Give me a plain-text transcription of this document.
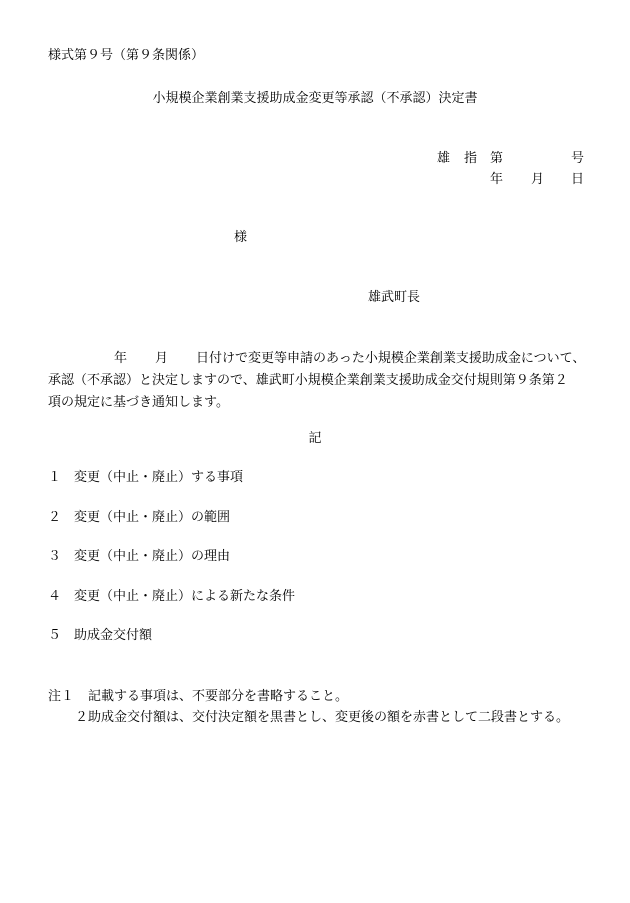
様式第９号（第９条関係）
小規模企業創業支援助成金変更等承認（不承認）決定書
雄 指 第	号
年 月 日
様
雄武町長
年 月 日付けで変更等申請のあった小規模企業創業支援助成金について、
承認（不承認）と決定しますので、雄武町小規模企業創業支援助成金交付規則第９条第２
項の規定に基づき通知します。
記
１ 変更（中止・廃止）する事項
２ 変更（中止・廃止）の範囲
３ 変更（中止・廃止）の理由
４ 変更（中止・廃止）による新たな条件
５ 助成金交付額
注１ 記載する事項は、不要部分を書略すること。
２助成金交付額は、交付決定額を黒書とし、変更後の額を赤書として二段書とする。
